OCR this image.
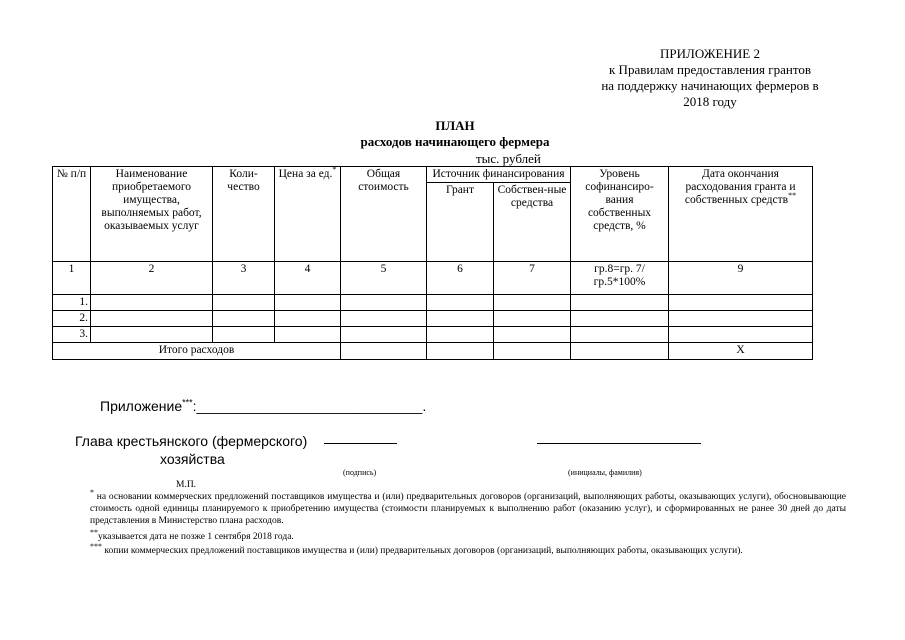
ПРИЛОЖЕНИЕ 2
к Правилам предоставления грантов
на поддержку начинающих фермеров в
2018 году
ПЛАН
расходов начинающего фермера
тыс. рублей
№ п/п	Наименование приобретаемого имущества, выполняемых работ, оказываемых услуг	Коли-чество	Цена за ед.*	Общая стоимость	Источник финансирования		Уровень софинансиро-вания собственных средств, %	Дата окончания расходования гранта и собственных средств**
					Грант	Собствен-ные средства		
1	2	3	4	5	6	7	гр.8=гр. 7/гр.5*100%	9
1.								
2.								
3.								
Итого расходов								Х
Приложение***:_____________________________.
Глава крестьянского (фермерского)
хозяйства
(подпись)	(инициалы, фамилия)
М.П.
* на основании коммерческих предложений поставщиков имущества и (или) предварительных договоров (организаций, выполняющих работы, оказывающих услуги), обосновывающие стоимость одной единицы планируемого к приобретению имущества (стоимости планируемых к выполнению работ (оказанию услуг), и сформированных не ранее 30 дней до даты представления в Министерство плана расходов.
**указывается дата не позже 1 сентября 2018 года.
*** копии коммерческих предложений поставщиков имущества и (или) предварительных договоров (организаций, выполняющих работы, оказывающих услуги).
